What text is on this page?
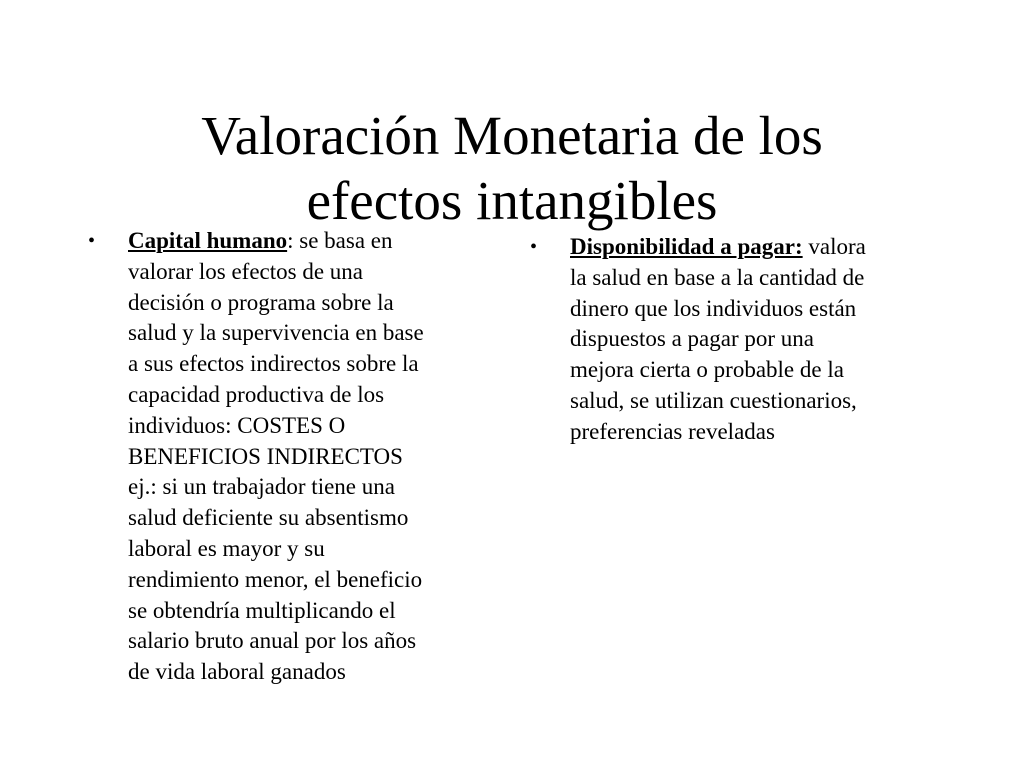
Valoración Monetaria de los
efectos intangibles
• Capital humano: se basa en
valorar los efectos de una
decisión o programa sobre la
salud y la supervivencia en base
a sus efectos indirectos sobre la
capacidad productiva de los
individuos: COSTES O
BENEFICIOS INDIRECTOS
ej.: si un trabajador tiene una
salud deficiente su absentismo
laboral es mayor y su
rendimiento menor, el beneficio
se obtendría multiplicando el
salario bruto anual por los años
de vida laboral ganados
• Disponibilidad a pagar: valora
la salud en base a la cantidad de
dinero que los individuos están
dispuestos a pagar por una
mejora cierta o probable de la
salud, se utilizan cuestionarios,
preferencias reveladas
